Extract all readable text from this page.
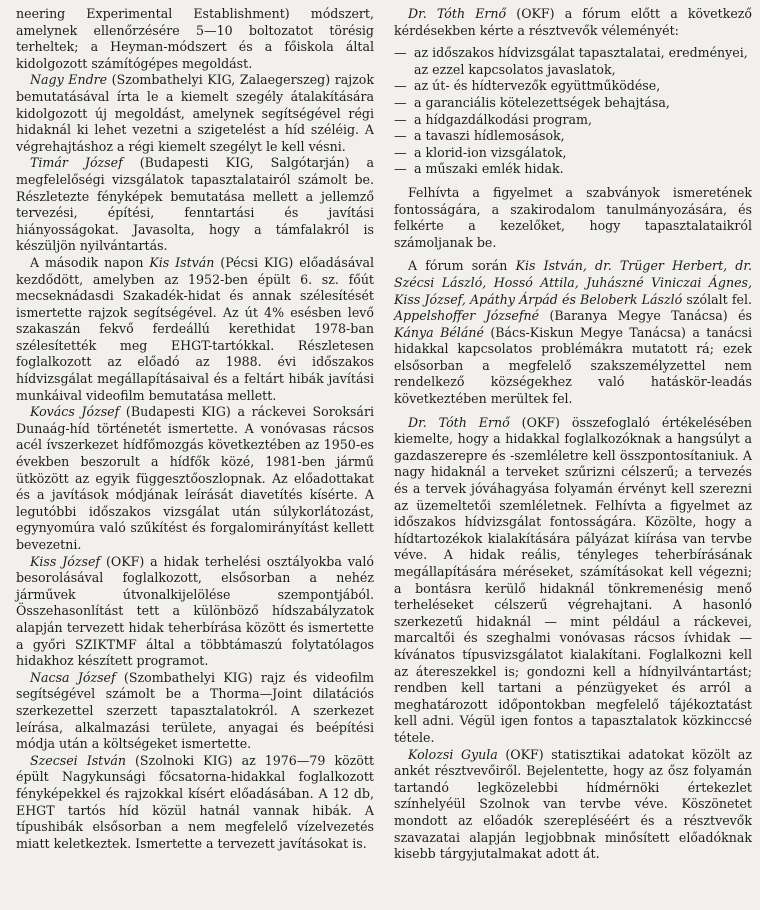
neering Experimental Establishment) módszert, amelynek ellenőrzésére 5—10 boltozatot törésig terheltek; a Heyman-módszert és a főiskola által kidolgozott számítógépes megoldást.

Nagy Endre (Szombathelyi KIG, Zalaegerszeg) rajzok bemutatásával írta le a kiemelt szegély átalakítására kidolgozott új megoldást, amelynek segítségével régi hidaknál ki lehet vezetni a szigetelést a híd széléig. A végrehajtáshoz a régi kiemelt szegélyt le kell vésni.

Timár József (Budapesti KIG, Salgótarján) a megfelelőségi vizsgálatok tapasztalatairól számolt be. Részletezte fényképek bemutatása mellett a jellemző tervezési, építési, fenntartási és javítási hiányosságokat. Javasolta, hogy a támfalakról is készüljön nyilvántartás.

A második napon Kis István (Pécsi KIG) előadásával kezdődött, amelyben az 1952-ben épült 6. sz. főút mecseknádasdi Szakadék-hidat és annak szélesítését ismertette rajzok segítségével. Az út 4% esésben levő szakaszán fekvő ferdeállú kerethidat 1978-ban szélesítették meg EHGT-tartókkal. Részletesen foglalkozott az előadó az 1988. évi időszakos hídvizsgálat megállapításaival és a feltárt hibák javítási munkáival videofilm bemutatása mellett.

Kovács József (Budapesti KIG) a ráckevei Soroksári Dunaág-híd történetét ismertette. A vonóvasas rácsos acél ívszerkezet hídfőmozgás következtében az 1950-es években beszorult a hídfők közé, 1981-ben jármű ütközött az egyik függesztőoszlopnak. Az előadottakat és a javítások módjának leírását diavetítés kísérte. A legutóbbi időszakos vizsgálat után súlykorlátozást, egynyomúra való szűkítést és forgalomirányítást kellett bevezetni.

Kiss József (OKF) a hidak terhelési osztályokba való besorolásával foglalkozott, elsősorban a nehéz járművek útvonalkijelölése szempontjából. Összehasonlítást tett a különböző hídszabályzatok alapján tervezett hidak teherbírása között és ismertette a győri SZIKTMF által a többtámaszú folytatólagos hidakhoz készített programot.

Nacsa József (Szombathelyi KIG) rajz és videofilm segítségével számolt be a Thorma—Joint dilatációs szerkezettel szerzett tapasztalatokról. A szerkezet leírása, alkalmazási területe, anyagai és beépítési módja után a költségeket ismertette.

Szecsei István (Szolnoki KIG) az 1976—79 között épült Nagykunsági főcsatorna-hidakkal foglalkozott fényképekkel és rajzokkal kísért előadásában. A 12 db, EHGT tartós híd közül hatnál vannak hibák. A típushibák elsősorban a nem megfelelő vízelvezetés miatt keletkeztek. Ismertette a tervezett javításokat is.

Dr. Tóth Ernő (OKF) a fórum előtt a következő kérdésekben kérte a résztvevők véleményét:

— az időszakos hídvizsgálat tapasztalatai, eredményei, az ezzel kapcsolatos javaslatok,
— az út- és hídtervezők együttműködése,
— a garanciális kötelezettségek behajtása,
— a hídgazdálkodási program,
— a tavaszi hídlemosások,
— a klorid-ion vizsgálatok,
— a műszaki emlék hidak.

Felhívta a figyelmet a szabványok ismeretének fontosságára, a szakirodalom tanulmányozására, és felkérte a kezelőket, hogy tapasztalataikról számoljanak be.

A fórum során Kis István, dr. Trüger Herbert, dr. Szécsi László, Hossó Attila, Juhászné Viniczai Ágnes, Kiss József, Apáthy Árpád és Beloberk László szólalt fel. Appelshoffer Józsefné (Baranya Megye Tanácsa) és Kánya Béláné (Bács-Kiskun Megye Tanácsa) a tanácsi hidakkal kapcsolatos problémákra mutatott rá; ezek elsősorban a megfelelő szakszemélyzettel nem rendelkező községekhez való hatáskör-leadás következtében merültek fel.

Dr. Tóth Ernő (OKF) összefoglaló értékelésében kiemelte, hogy a hidakkal foglalkozóknak a hangsúlyt a gazdaszerepre és -szemléletre kell összpontosítaniuk. A nagy hidaknál a terveket szűrizni célszerű; a tervezés és a tervek jóváhagyása folyamán érvényt kell szerezni az üzemeltetői szemléletnek. Felhívta a figyelmet az időszakos hídvizsgálat fontosságára. Közölte, hogy a hídtartozékok kialakítására pályázat kiírása van tervbe véve. A hidak reális, tényleges teherbírásának megállapítására méréseket, számításokat kell végezni; a bontásra kerülő hidaknál tönkremenésig menő terheléseket célszerű végrehajtani. A hasonló szerkezetű hidaknál — mint például a ráckevei, marcaltői és szeghalmi vonóvasas rácsos ívhidak — kívánatos típusvizsgálatot kialakítani. Foglalkozni kell az átereszekkel is; gondozni kell a hídnyilvántartást; rendben kell tartani a pénzügyeket és arról a meghatározott időpontokban megfelelő tájékoztatást kell adni. Végül igen fontos a tapasztalatok közkinccsé tétele.

Kolozsi Gyula (OKF) statisztikai adatokat közölt az ankét résztvevőiről. Bejelentette, hogy az ősz folyamán tartandó legközelebbi hídmérnöki értekezlet színhelyéül Szolnok van tervbe véve. Köszönetet mondott az előadók szerepléséért és a résztvevők szavazatai alapján legjobbnak minősített előadóknak kisebb tárgyjutalmakat adott át.
